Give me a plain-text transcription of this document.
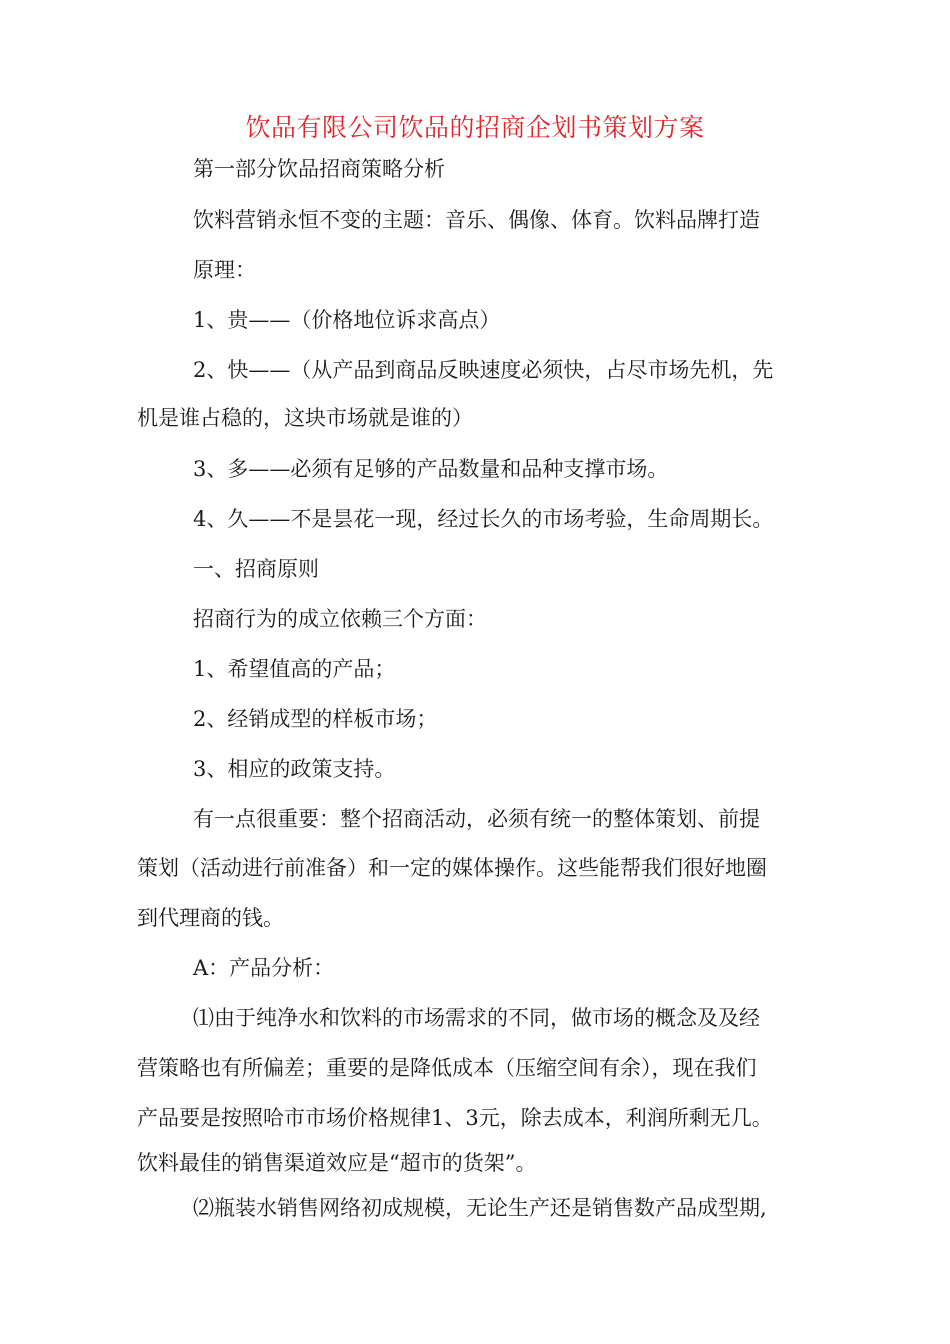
饮品有限公司饮品的招商企划书策划方案
第一部分饮品招商策略分析
饮料营销永恒不变的主题：音乐、偶像、体育。饮料品牌打造
原理：
1、贵——（价格地位诉求高点）
2、快——（从产品到商品反映速度必须快，占尽市场先机，先
机是谁占稳的，这块市场就是谁的）
3、多——必须有足够的产品数量和品种支撑市场。
4、久——不是昙花一现，经过长久的市场考验，生命周期长。
一、招商原则
招商行为的成立依赖三个方面：
1、希望值高的产品；
2、经销成型的样板市场；
3、相应的政策支持。
有一点很重要：整个招商活动，必须有统一的整体策划、前提
策划（活动进行前准备）和一定的媒体操作。这些能帮我们很好地圈
到代理商的钱。
A：产品分析：
⑴由于纯净水和饮料的市场需求的不同，做市场的概念及及经
营策略也有所偏差；重要的是降低成本（压缩空间有余），现在我们
产品要是按照哈市市场价格规律1、3元，除去成本，利润所剩无几。
饮料最佳的销售渠道效应是“超市的货架”。
⑵瓶装水销售网络初成规模，无论生产还是销售数产品成型期,
